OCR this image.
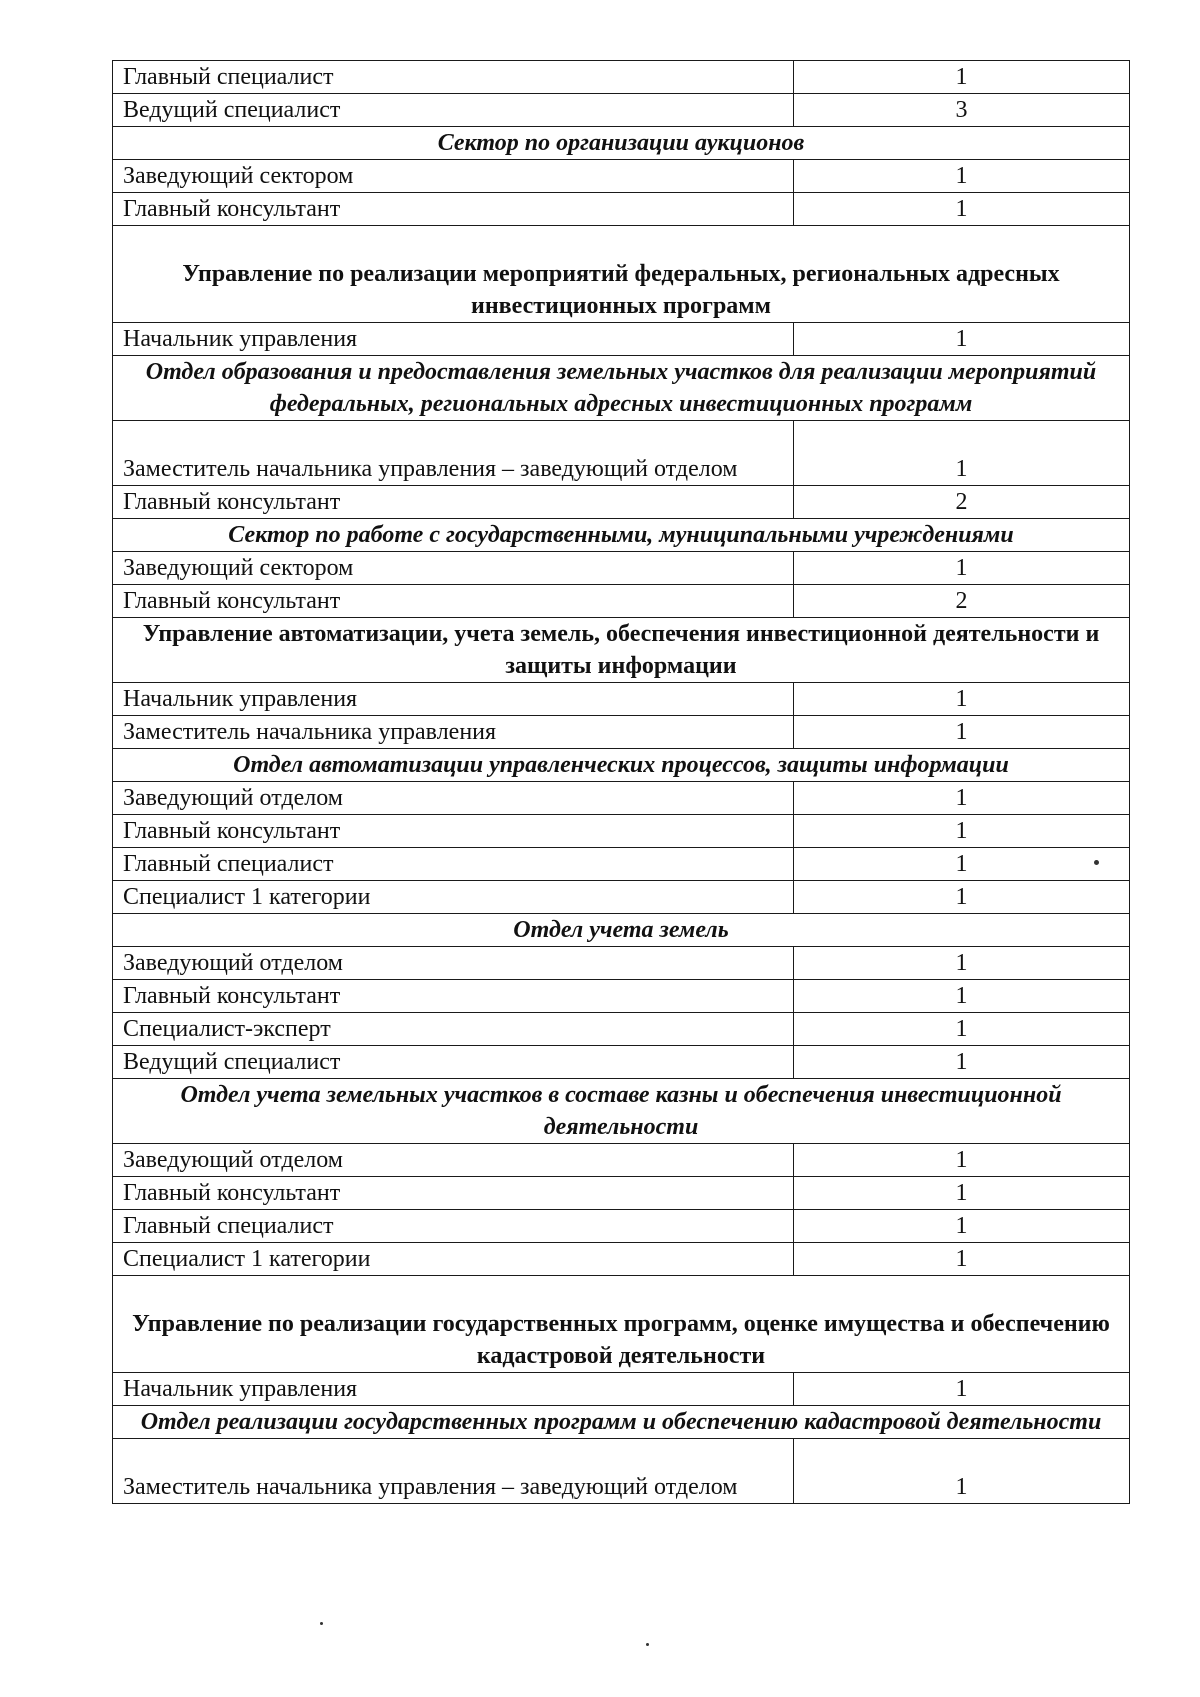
Главный специалист	1
Ведущий специалист	3
Сектор по организации аукционов	
Заведующий сектором	1
Главный консультант	1
Управление по реализации мероприятий федеральных, региональных адресных инвестиционных программ	
Начальник управления	1
Отдел образования и предоставления земельных участков для реализации мероприятий федеральных, региональных адресных инвестиционных программ	
Заместитель начальника управления – заведующий отделом	1
Главный консультант	2
Сектор по работе с государственными, муниципальными учреждениями	
Заведующий сектором	1
Главный консультант	2
Управление автоматизации, учета земель, обеспечения инвестиционной деятельности и защиты информации	
Начальник управления	1
Заместитель начальника управления	1
Отдел автоматизации управленческих процессов, защиты информации	
Заведующий отделом	1
Главный консультант	1
Главный специалист	1
Специалист 1 категории	1
Отдел учета земель	
Заведующий отделом	1
Главный консультант	1
Специалист-эксперт	1
Ведущий специалист	1
Отдел учета земельных участков в составе казны и обеспечения инвестиционной деятельности	
Заведующий отделом	1
Главный консультант	1
Главный специалист	1
Специалист 1 категории	1
Управление по реализации государственных программ, оценке имущества и обеспечению кадастровой деятельности	
Начальник управления	1
Отдел реализации государственных программ и обеспечению кадастровой деятельности	
Заместитель начальника управления – заведующий отделом	1
